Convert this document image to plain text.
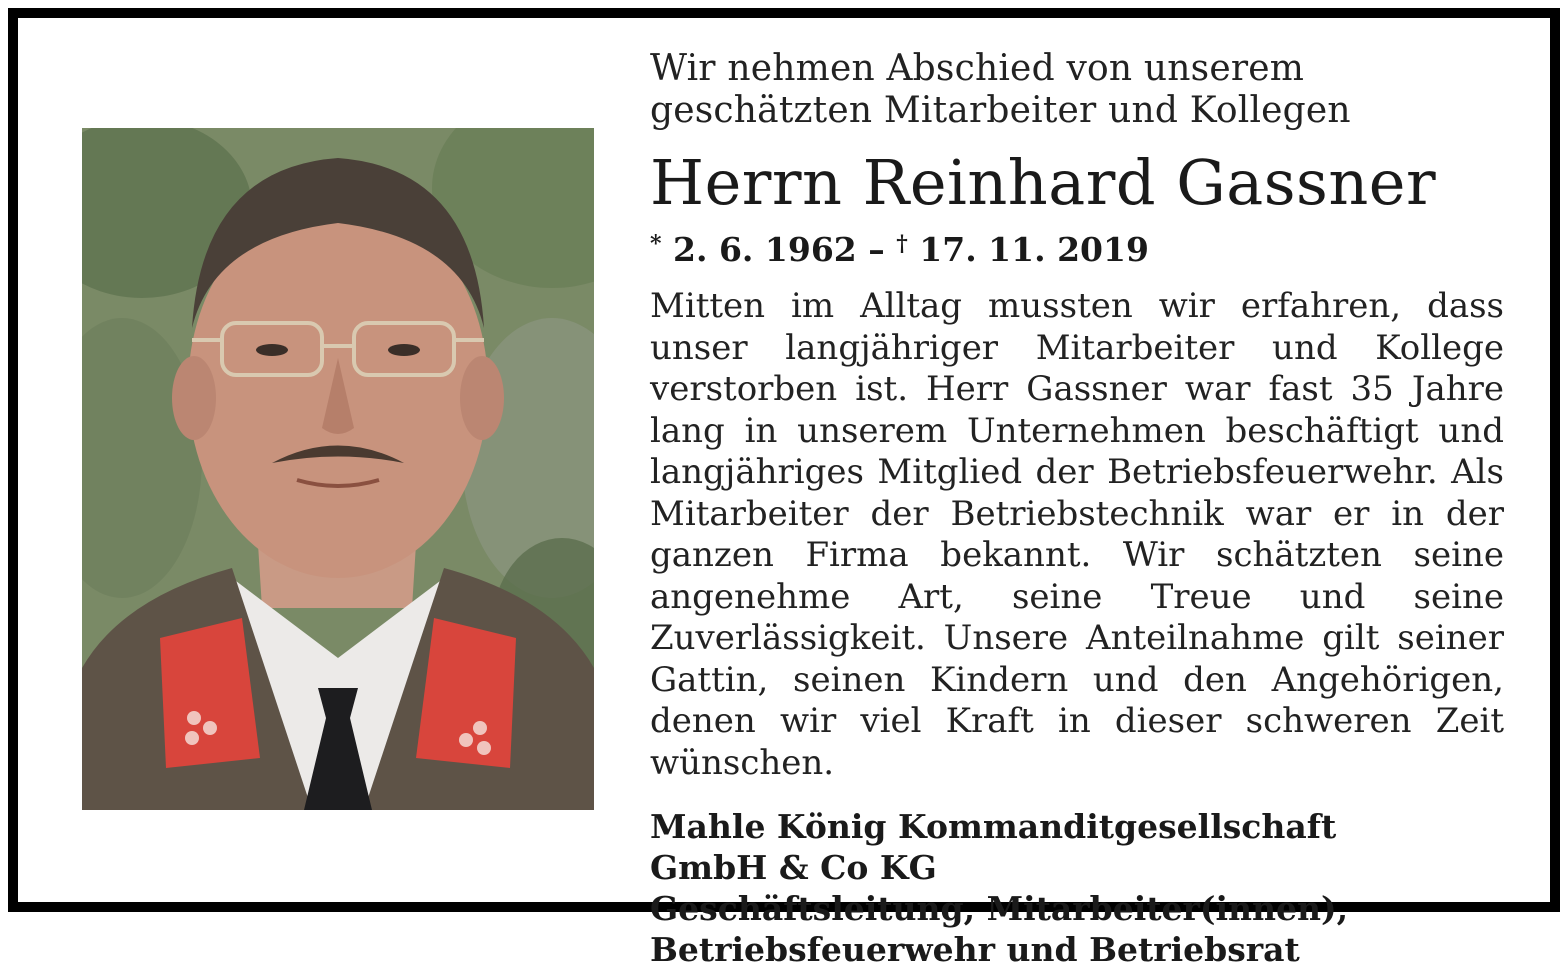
Wir nehmen Abschied von unserem geschätzten Mitarbeiter und Kollegen

Herrn Reinhard Gassner

* 2. 6. 1962 – † 17. 11. 2019

Mitten im Alltag mussten wir erfahren, dass unser langjähriger Mitarbeiter und Kollege verstorben ist. Herr Gassner war fast 35 Jahre lang in unserem Unternehmen beschäftigt und langjähriges Mitglied der Betriebsfeuerwehr. Als Mitarbeiter der Betriebstechnik war er in der ganzen Firma bekannt. Wir schätzten seine angenehme Art, seine Treue und seine Zuverlässigkeit. Unsere Anteilnahme gilt seiner Gattin, seinen Kindern und den Angehörigen, denen wir viel Kraft in dieser schweren Zeit wünschen.

Mahle König Kommanditgesellschaft
GmbH & Co KG
Geschäftsleitung, Mitarbeiter(innen),
Betriebsfeuerwehr und Betriebsrat
